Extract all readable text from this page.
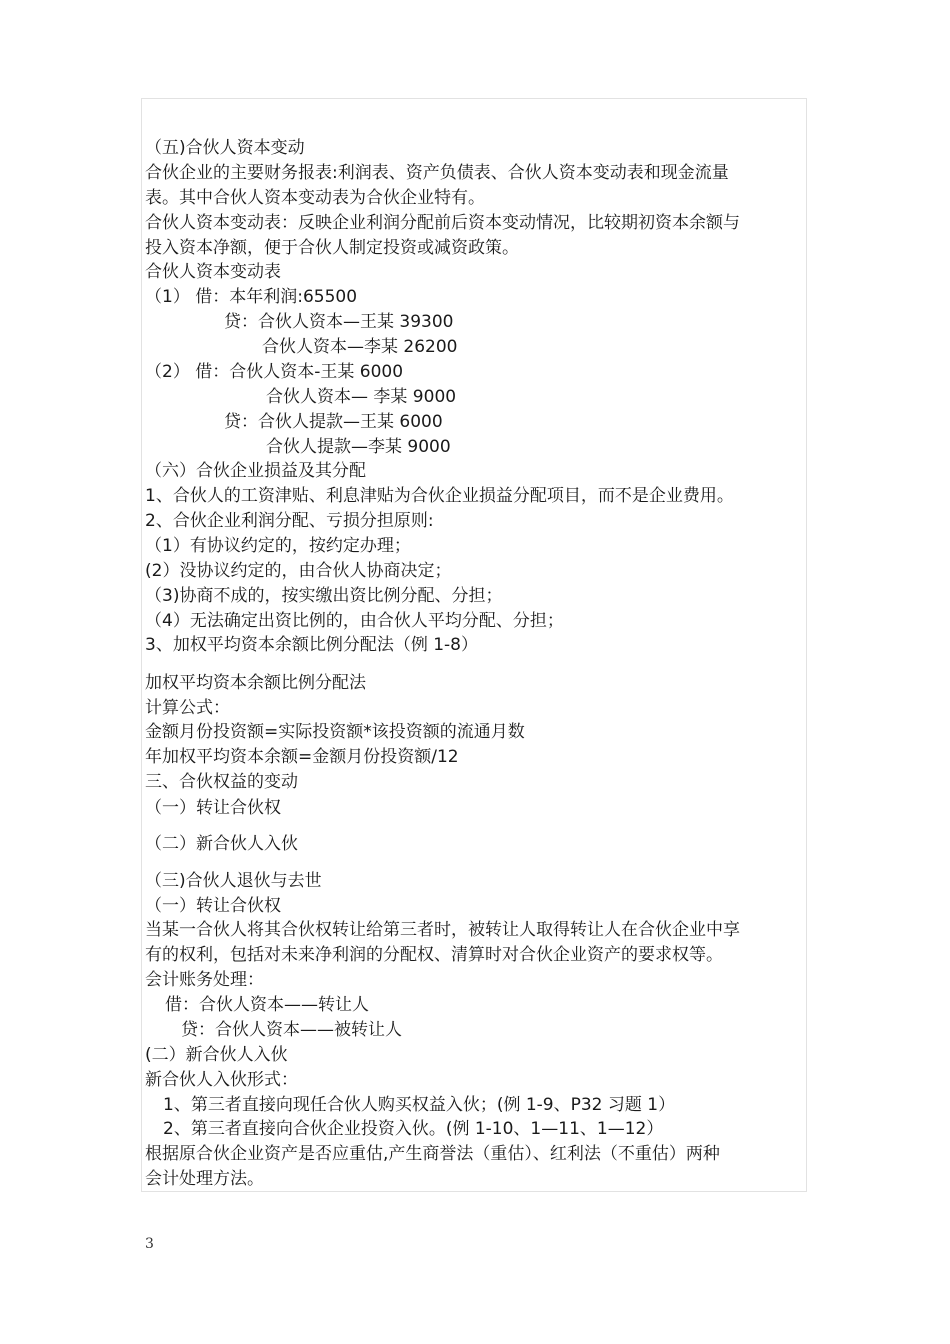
（五)合伙人资本变动
合伙企业的主要财务报表:利润表、资产负债表、合伙人资本变动表和现金流量
表。其中合伙人资本变动表为合伙企业特有。
合伙人资本变动表：反映企业利润分配前后资本变动情况，比较期初资本余额与
投入资本净额，便于合伙人制定投资或减资政策。
合伙人资本变动表
（1） 借：本年利润:65500
贷：合伙人资本—王某 39300
合伙人资本—李某 26200
（2） 借：合伙人资本-王某 6000
合伙人资本— 李某 9000
贷：合伙人提款—王某 6000
合伙人提款—李某 9000
（六）合伙企业损益及其分配
1、合伙人的工资津贴、利息津贴为合伙企业损益分配项目，而不是企业费用。
2、合伙企业利润分配、亏损分担原则:
（1）有协议约定的，按约定办理；
(2）没协议约定的，由合伙人协商决定；
（3)协商不成的，按实缴出资比例分配、分担；
（4）无法确定出资比例的，由合伙人平均分配、分担；
3、加权平均资本余额比例分配法（例 1-8）
加权平均资本余额比例分配法
计算公式：
金额月份投资额=实际投资额*该投资额的流通月数
年加权平均资本余额=金额月份投资额/12
三、合伙权益的变动
（一）转让合伙权
（二）新合伙人入伙
（三)合伙人退伙与去世
（一）转让合伙权
当某一合伙人将其合伙权转让给第三者时，被转让人取得转让人在合伙企业中享
有的权利，包括对未来净利润的分配权、清算时对合伙企业资产的要求权等。
会计账务处理：
借：合伙人资本——转让人
贷：合伙人资本——被转让人
(二）新合伙人入伙
新合伙人入伙形式：
1、第三者直接向现任合伙人购买权益入伙；(例 1-9、P32 习题 1）
2、第三者直接向合伙企业投资入伙。(例 1-10、1—11、1—12）
根据原合伙企业资产是否应重估,产生商誉法（重估）、红利法（不重估）两种
会计处理方法。
3
